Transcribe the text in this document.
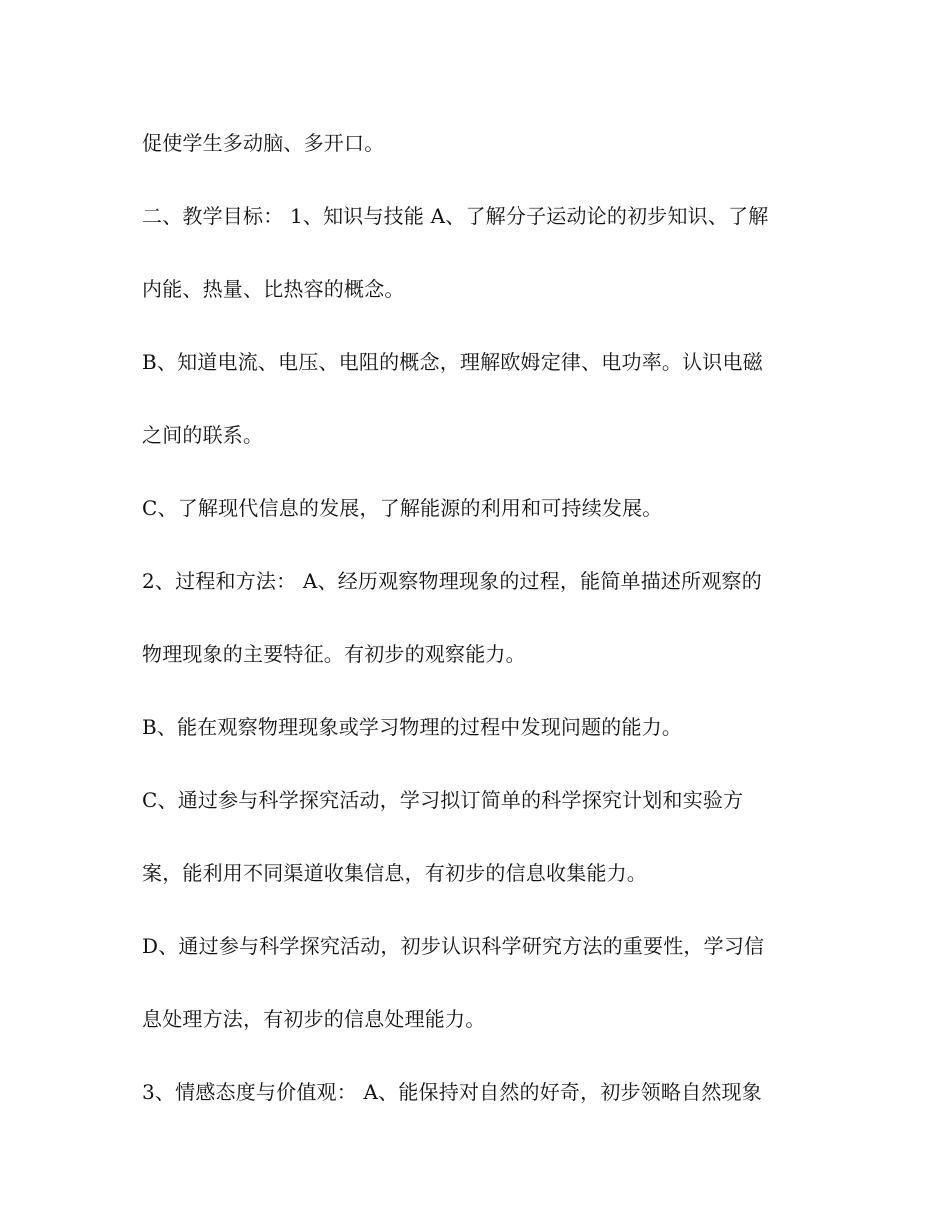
促使学生多动脑、多开口。
二、教学目标： 1、知识与技能 A、了解分子运动论的初步知识、了解
内能、热量、比热容的概念。
B、知道电流、电压、电阻的概念，理解欧姆定律、电功率。认识电磁
之间的联系。
C、了解现代信息的发展，了解能源的利用和可持续发展。
2、过程和方法： A、经历观察物理现象的过程，能简单描述所观察的
物理现象的主要特征。有初步的观察能力。
B、能在观察物理现象或学习物理的过程中发现问题的能力。
C、通过参与科学探究活动，学习拟订简单的科学探究计划和实验方
案，能利用不同渠道收集信息，有初步的信息收集能力。
D、通过参与科学探究活动，初步认识科学研究方法的重要性，学习信
息处理方法，有初步的信息处理能力。
3、情感态度与价值观： A、能保持对自然的好奇，初步领略自然现象
